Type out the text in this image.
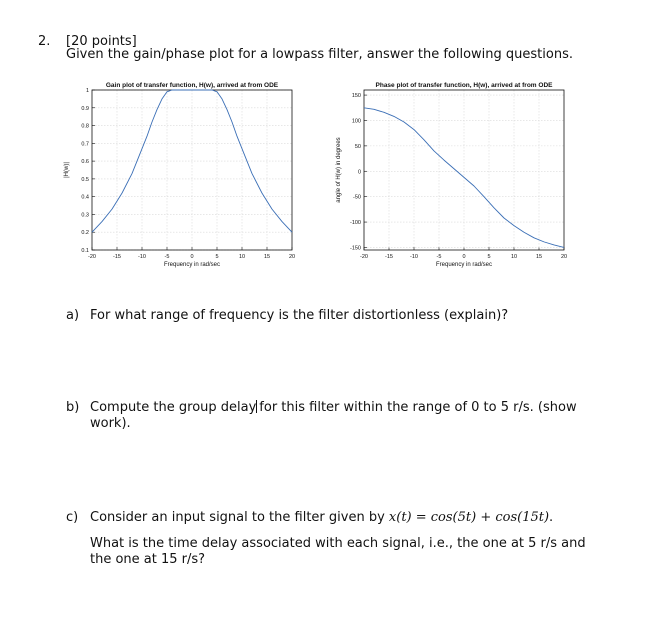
2. [20 points]
Given the gain/phase plot for a lowpass filter, answer the following questions.
Gain plot of transfer function, H(w), arrived at from ODE
-20	-15	-10	-5	0	5	10	15	20
0.1
0.2
0.3
0.4
0.5
0.6
0.7
0.8
0.9
1
Frequency in rad/sec
|H(w)|
Phase plot of transfer function, H(w), arrived at from ODE
-20	-15	-10	-5	0	5	10	15	20
-150
-100
-50
0
50
100
150
Frequency in rad/sec
angle of H(w) in degrees
a) For what range of frequency is the filter distortionless (explain)?
b) Compute the group delay for this filter within the range of 0 to 5 r/s. (show
work).
c) Consider an input signal to the filter given by x(t) = cos(5t) + cos(15t).
What is the time delay associated with each signal, i.e., the one at 5 r/s and the one at 15 r/s?
